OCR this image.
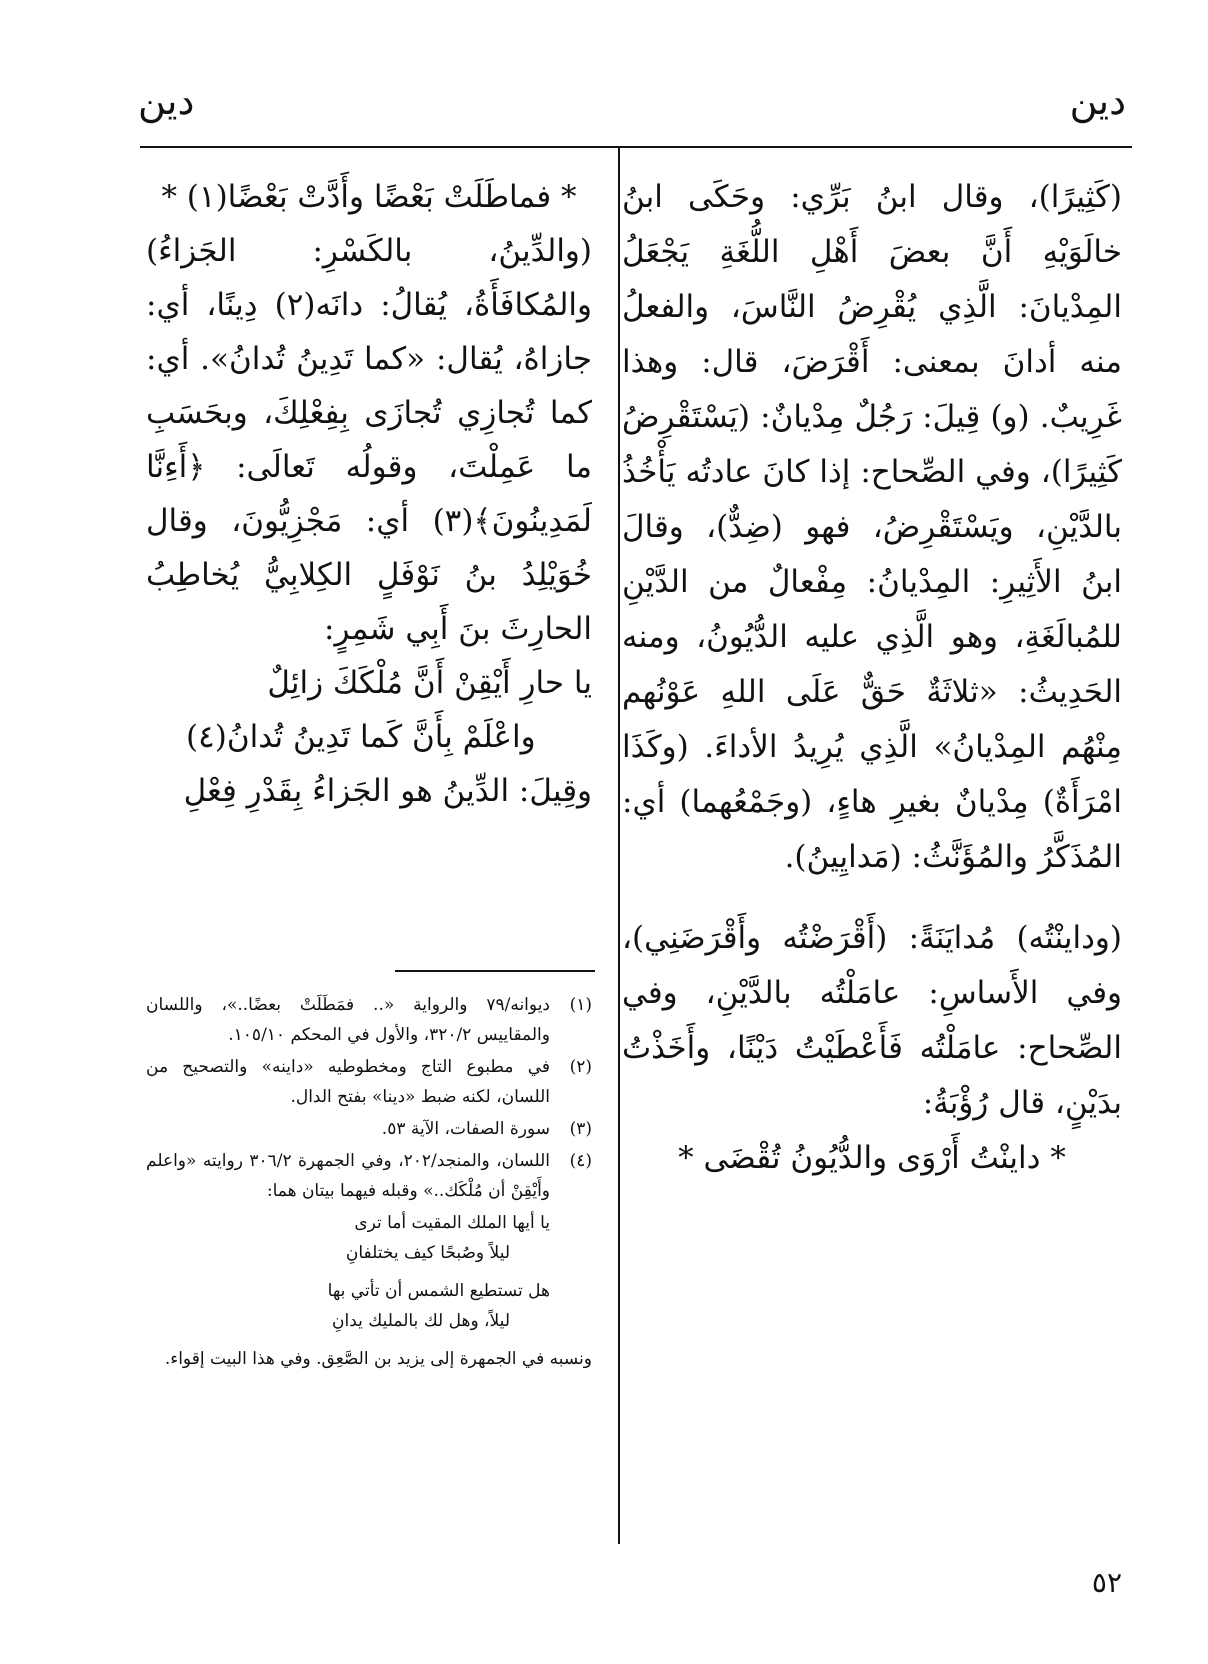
دين
دين

(كَثِيرًا)، وقال ابنُ بَرِّي: وحَكَى ابنُ خالَوَيْهِ أَنَّ بعضَ أَهْلِ اللُّغَةِ يَجْعَلُ المِدْيانَ: الَّذِي يُقْرِضُ النَّاسَ، والفعلُ منه أدانَ بمعنى: أَقْرَضَ، قال: وهذا غَرِيبٌ. (و) قِيلَ: رَجُلٌ مِدْيانٌ: (يَسْتَقْرِضُ كَثِيرًا)، وفي الصِّحاح: إذا كانَ عادتُه يَأْخُذُ بالدَّيْنِ، ويَسْتَقْرِضُ، فهو (ضِدٌّ)، وقالَ ابنُ الأَثِيرِ: المِدْيانُ: مِفْعالٌ من الدَّيْنِ للمُبالَغَةِ، وهو الَّذِي عليه الدُّيُونُ، ومنه الحَدِيثُ: «ثلاثَةٌ حَقٌّ عَلَى اللهِ عَوْنُهم مِنْهُم المِدْيانُ» الَّذِي يُرِيدُ الأداءَ. (وكَذَا امْرَأَةٌ) مِدْيانٌ بغيرِ هاءٍ، (وجَمْعُهما) أي: المُذَكَّرُ والمُؤَنَّثُ: (مَدايِينُ).

(وداينْتُه) مُدايَنَةً: (أَقْرَضْتُه وأَقْرَضَنِي)، وفي الأَساسِ: عامَلْتُه بالدَّيْنِ، وفي الصِّحاح: عامَلْتُه فَأَعْطَيْتُ دَيْنًا، وأَخَذْتُ بدَيْنٍ، قال رُؤْبَةُ:

* داينْتُ أَرْوَى والدُّيُونُ تُقْضَى *

* فماطَلَتْ بَعْضًا وأَدَّتْ بَعْضًا(١) *

(والدِّينُ، بالكَسْرِ: الجَزاءُ) والمُكافَأَةُ، يُقالُ: دانَه(٢) دِينًا، أي: جازاهُ، يُقال: «كما تَدِينُ تُدانُ». أي: كما تُجازِي تُجازَى بِفِعْلِكَ، وبحَسَبِ ما عَمِلْتَ، وقولُه تَعالَى: ﴿أَءِنَّا لَمَدِينُونَ﴾(٣) أي: مَجْزِيُّونَ، وقال خُوَيْلِدُ بنُ نَوْفَلٍ الكِلابِيُّ يُخاطِبُ الحارِثَ بنَ أَبِي شَمِرٍ:

يا حارِ أَيْقِنْ أَنَّ مُلْكَكَ زائِلٌ
واعْلَمْ بِأَنَّ كَما تَدِينُ تُدانُ(٤)

وقِيلَ: الدِّينُ هو الجَزاءُ بِقَدْرِ فِعْلِ

(١)
ديوانه/٧٩ والرواية «.. فمَطَلَتْ بعضًا..»، واللسان والمقاييس ٣٢٠/٢، والأول في المحكم ١٠٥/١٠.
(٢)
في مطبوع التاج ومخطوطيه «داينه» والتصحيح من اللسان، لكنه ضبط «دينا» بفتح الدال.
(٣)
سورة الصفات، الآية ٥٣.
(٤)
اللسان، والمنجد/٢٠٢، وفي الجمهرة ٣٠٦/٢ روايته «واعلم وأَيْقِنْ أن مُلْكَك..» وقبله فيهما بيتان هما:
يا أيها الملك المقيت أما ترى
ليلاً وصُبحًا كيف يختلفانِ
هل تستطيع الشمس أن تأتي بها
ليلاً، وهل لك بالمليك يدانِ
ونسبه في الجمهرة إلى يزيد بن الصَّعِق. وفي هذا البيت إقواء.
٥٢
